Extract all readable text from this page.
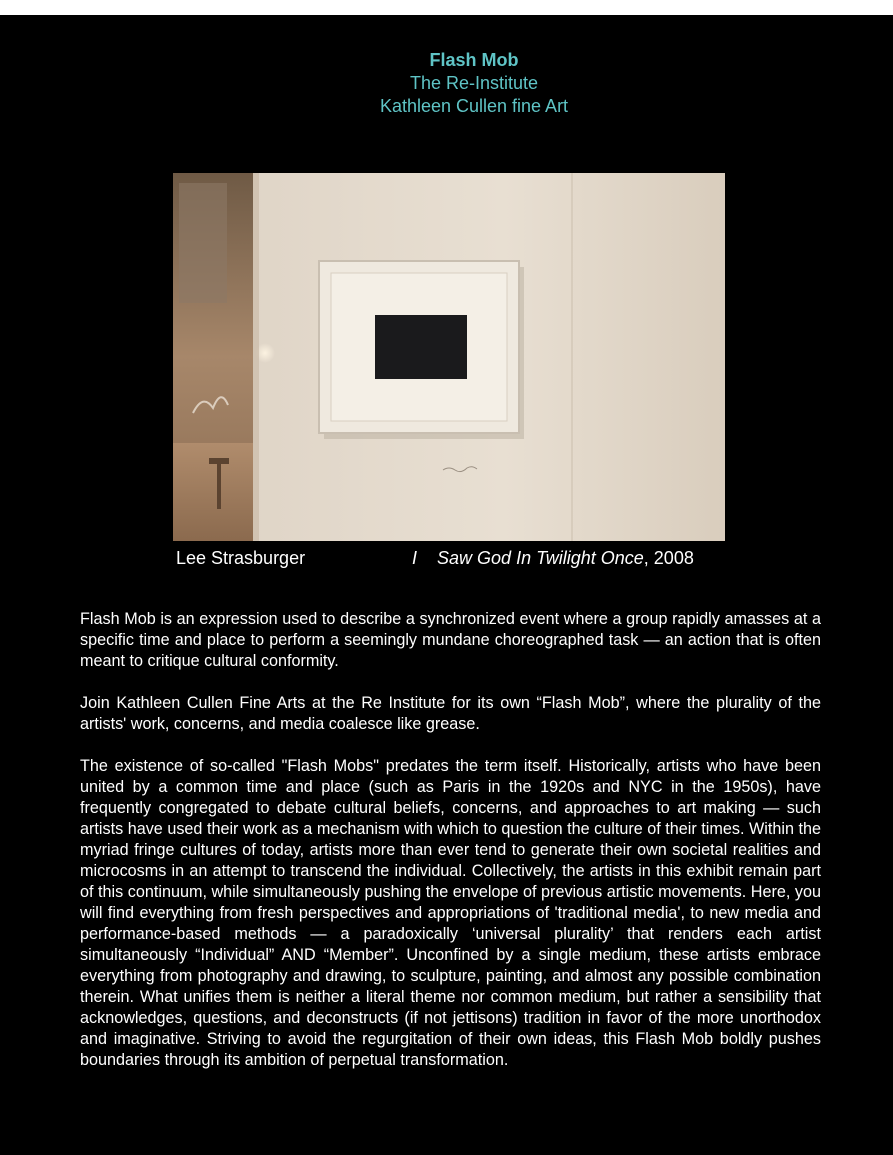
Flash Mob
The Re-Institute
Kathleen Cullen fine Art
Lee Strasburger	I Saw God In Twilight Once, 2008

Flash Mob is an expression used to describe a synchronized event where a group rapidly amasses at a specific time and place to perform a seemingly mundane choreographed task — an action that is often meant to critique cultural conformity.

Join Kathleen Cullen Fine Arts at the Re Institute for its own “Flash Mob”, where the plurality of the artists' work, concerns, and media coalesce like grease.

The existence of so-called "Flash Mobs" predates the term itself. Historically, artists who have been united by a common time and place (such as Paris in the 1920s and NYC in the 1950s), have frequently congregated to debate cultural beliefs, concerns, and approaches to art making — such artists have used their work as a mechanism with which to question the culture of their times. Within the myriad fringe cultures of today, artists more than ever tend to generate their own societal realities and microcosms in an attempt to transcend the individual. Collectively, the artists in this exhibit remain part of this continuum, while simultaneously pushing the envelope of previous artistic movements. Here, you will find everything from fresh perspectives and appropriations of 'traditional media', to new media and performance-based methods — a paradoxically ‘universal plurality’ that renders each artist simultaneously “Individual” AND “Member”. Unconfined by a single medium, these artists embrace everything from photography and drawing, to sculpture, painting, and almost any possible combination therein. What unifies them is neither a literal theme nor common medium, but rather a sensibility that acknowledges, questions, and deconstructs (if not jettisons) tradition in favor of the more unorthodox and imaginative. Striving to avoid the regurgitation of their own ideas, this Flash Mob boldly pushes boundaries through its ambition of perpetual transformation.
